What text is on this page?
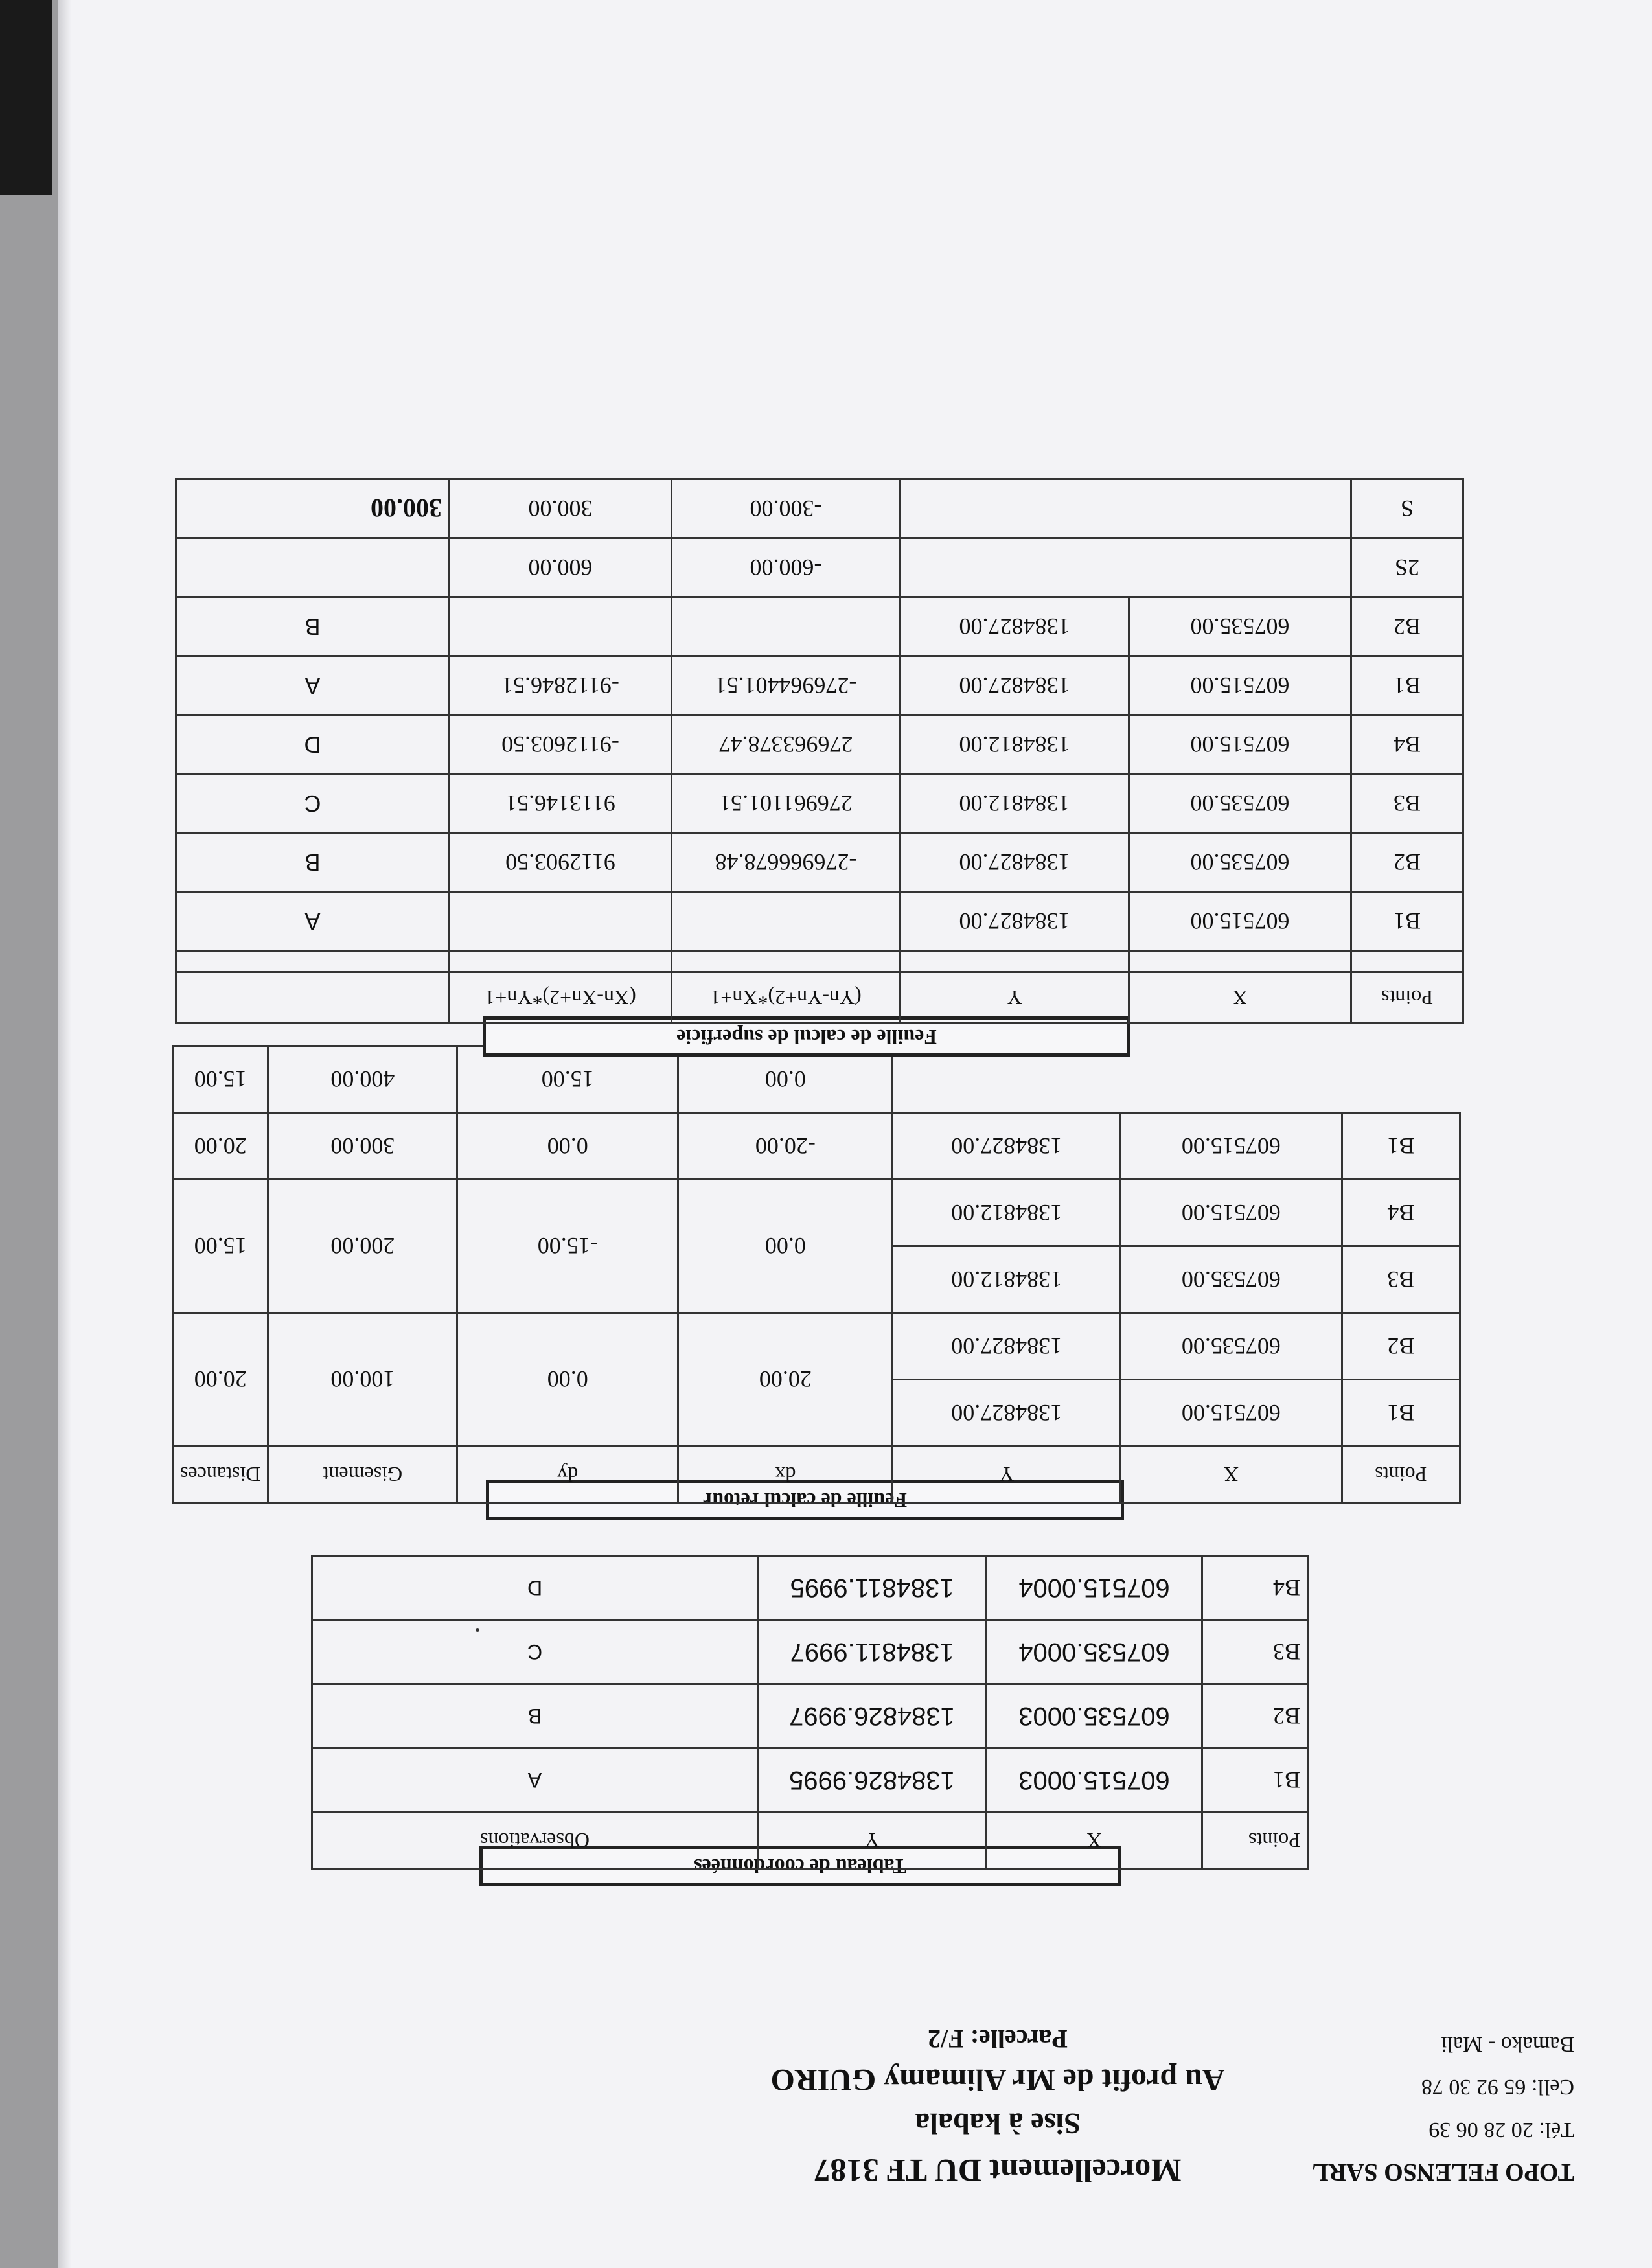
TOPO FELENSO SARL
Tél: 20 28 06 39
Cell: 65 92 30 78
Bamako - Mali
Morcellement DU TF 3187
Sise à kabala
Au profit de Mr Alimamy GUIRO
Parcelle: F/2
Tableau de coordonnées
Points	X	Y	Observations
B1	607515.0003	1384826.9995	A
B2	607535.0003	1384826.9997	B
B3	607535.0004	1384811.9997	C
B4	607515.0004	1384811.9995	D
Feuille de calcul retour
Points	X	Y	dx	dy	Gisement	Distances
B1	607515.00	1384827.00	20.00	0.00	100.00	20.00
B2	607535.00	1384827.00				
B3	607535.00	1384812.00	0.00	-15.00	200.00	15.00
B4	607515.00	1384812.00				
B1	607515.00	1384827.00	-20.00	0.00	300.00	20.00
			0.00	15.00	400.00	15.00
Feuille de calcul de superficie
Points	X	Y	(Yn-Yn+2)*Xn+1	(Xn-Xn+2)*Yn+1	

B1	607515.00	1384827.00			A
B2	607535.00	1384827.00	-276966678.48	9112903.50	B
B3	607535.00	1384812.00	276961101.51	911314​6.51	C
B4	607515.00	1384812.00	276963378.47	-9112603.50	D
B1	607515.00	1384827.00	-276964401.51	-9112846.51	A
B2	607535.00	1384827.00			B
2S			-600.00	600.00	
S			-300.00	300.00	300.00
